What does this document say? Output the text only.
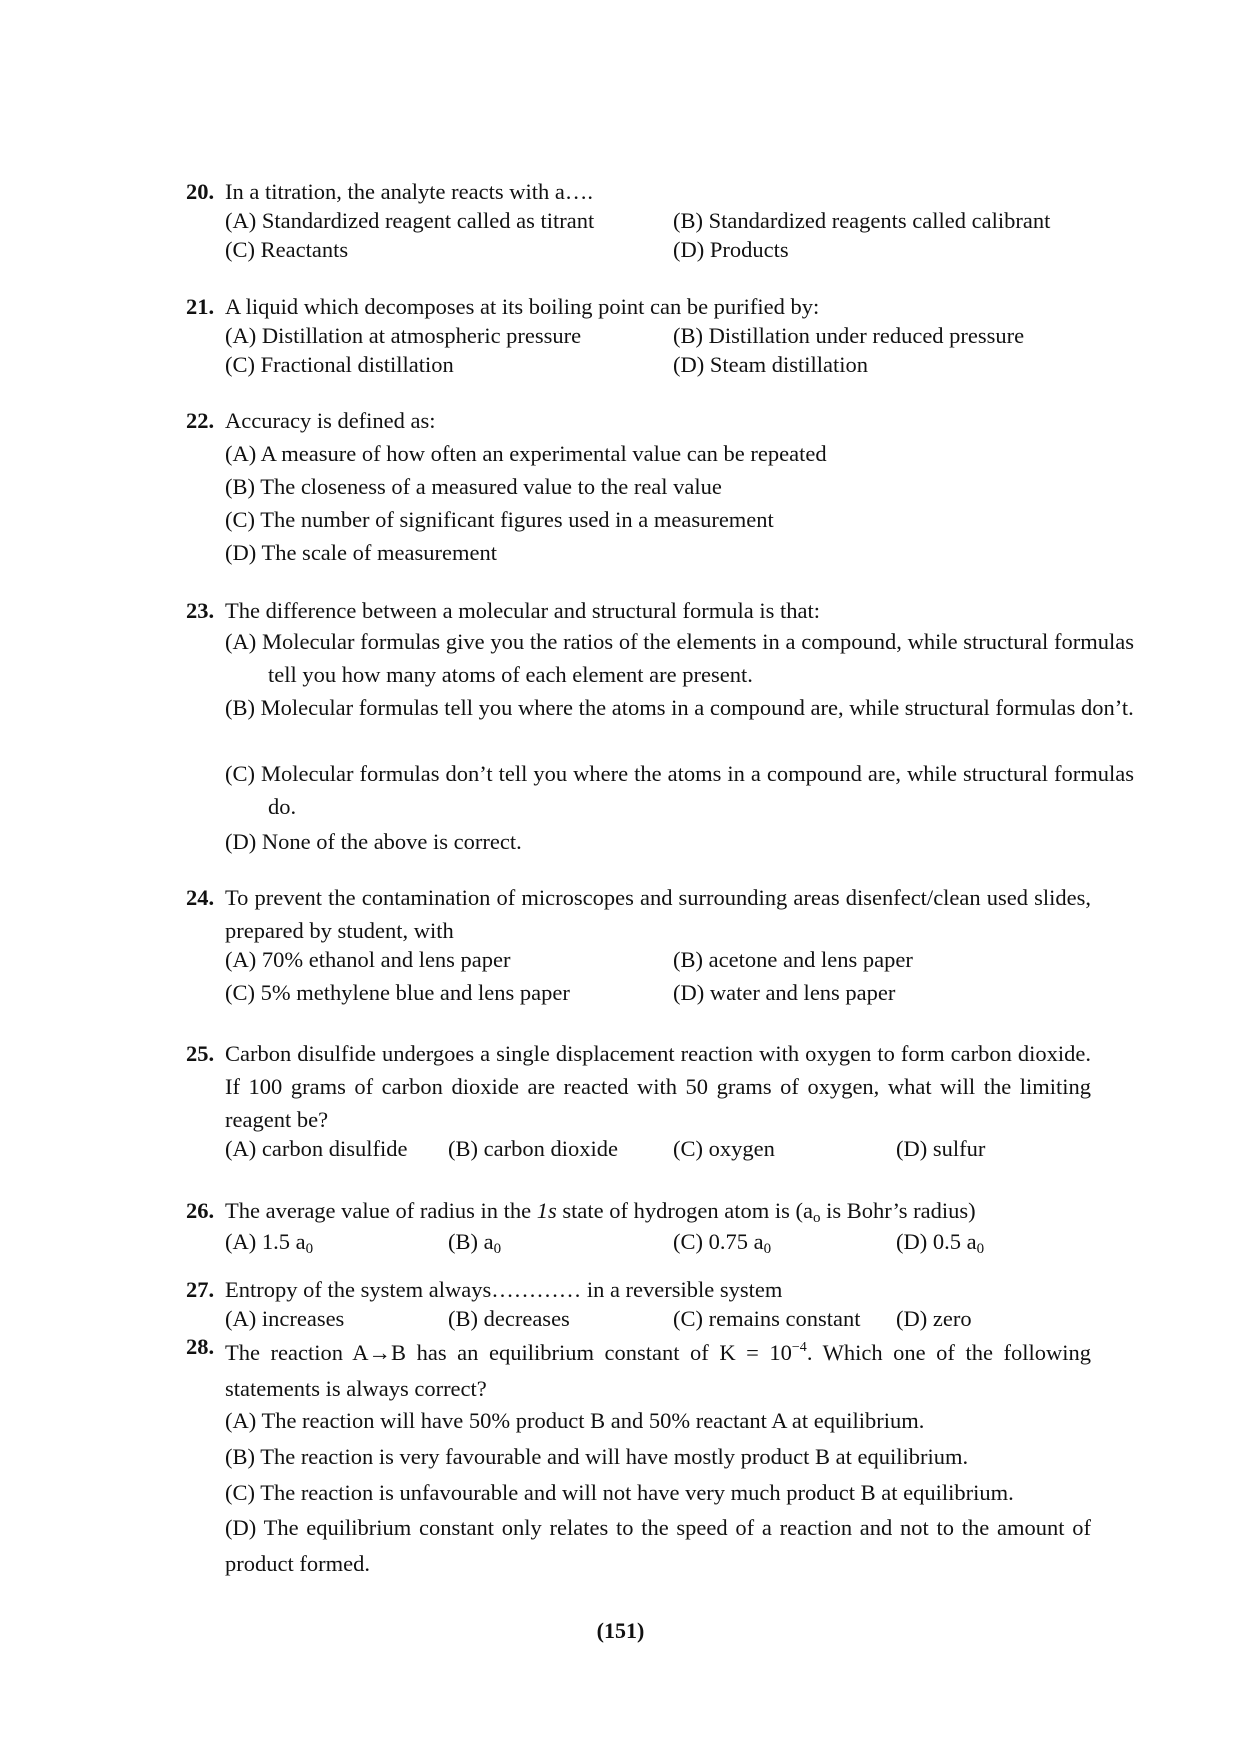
20. In a titration, the analyte reacts with a….
(A) Standardized reagent called as titrant	(B) Standardized reagents called calibrant
(C) Reactants	(D) Products
21. A liquid which decomposes at its boiling point can be purified by:
(A) Distillation at atmospheric pressure	(B) Distillation under reduced pressure
(C) Fractional distillation	(D) Steam distillation
22. Accuracy is defined as:
(A) A measure of how often an experimental value can be repeated
(B) The closeness of a measured value to the real value
(C) The number of significant figures used in a measurement
(D) The scale of measurement
23. The difference between a molecular and structural formula is that:
(A) Molecular formulas give you the ratios of the elements in a compound, while structural formulas tell you how many atoms of each element are present.
(B) Molecular formulas tell you where the atoms in a compound are, while structural formulas don’t.
(C) Molecular formulas don’t tell you where the atoms in a compound are, while structural formulas do.
(D) None of the above is correct.
24. To prevent the contamination of microscopes and surrounding areas disenfect/clean used slides, prepared by student, with
(A) 70% ethanol and lens paper	(B) acetone and lens paper
(C) 5% methylene blue and lens paper	(D) water and lens paper
25. Carbon disulfide undergoes a single displacement reaction with oxygen to form carbon dioxide. If 100 grams of carbon dioxide are reacted with 50 grams of oxygen, what will the limiting reagent be?
(A) carbon disulfide (B) carbon dioxide (C) oxygen	(D) sulfur
26. The average value of radius in the 1s state of hydrogen atom is ($a_o$ is Bohr’s radius)
(A) 1.5 $a_0$	(B) $a_0$	(C) 0.75 $a_0$	(D) 0.5 $a_0$
27. Entropy of the system always………… in a reversible system
(A) increases	(B) decreases	(C) remains constant (D) zero
28. The reaction A→B has an equilibrium constant of $K = 10^{-4}$. Which one of the following statements is always correct?
(A) The reaction will have 50% product B and 50% reactant A at equilibrium.
(B) The reaction is very favourable and will have mostly product B at equilibrium.
(C) The reaction is unfavourable and will not have very much product B at equilibrium.
(D) The equilibrium constant only relates to the speed of a reaction and not to the amount of product formed.
(151)
